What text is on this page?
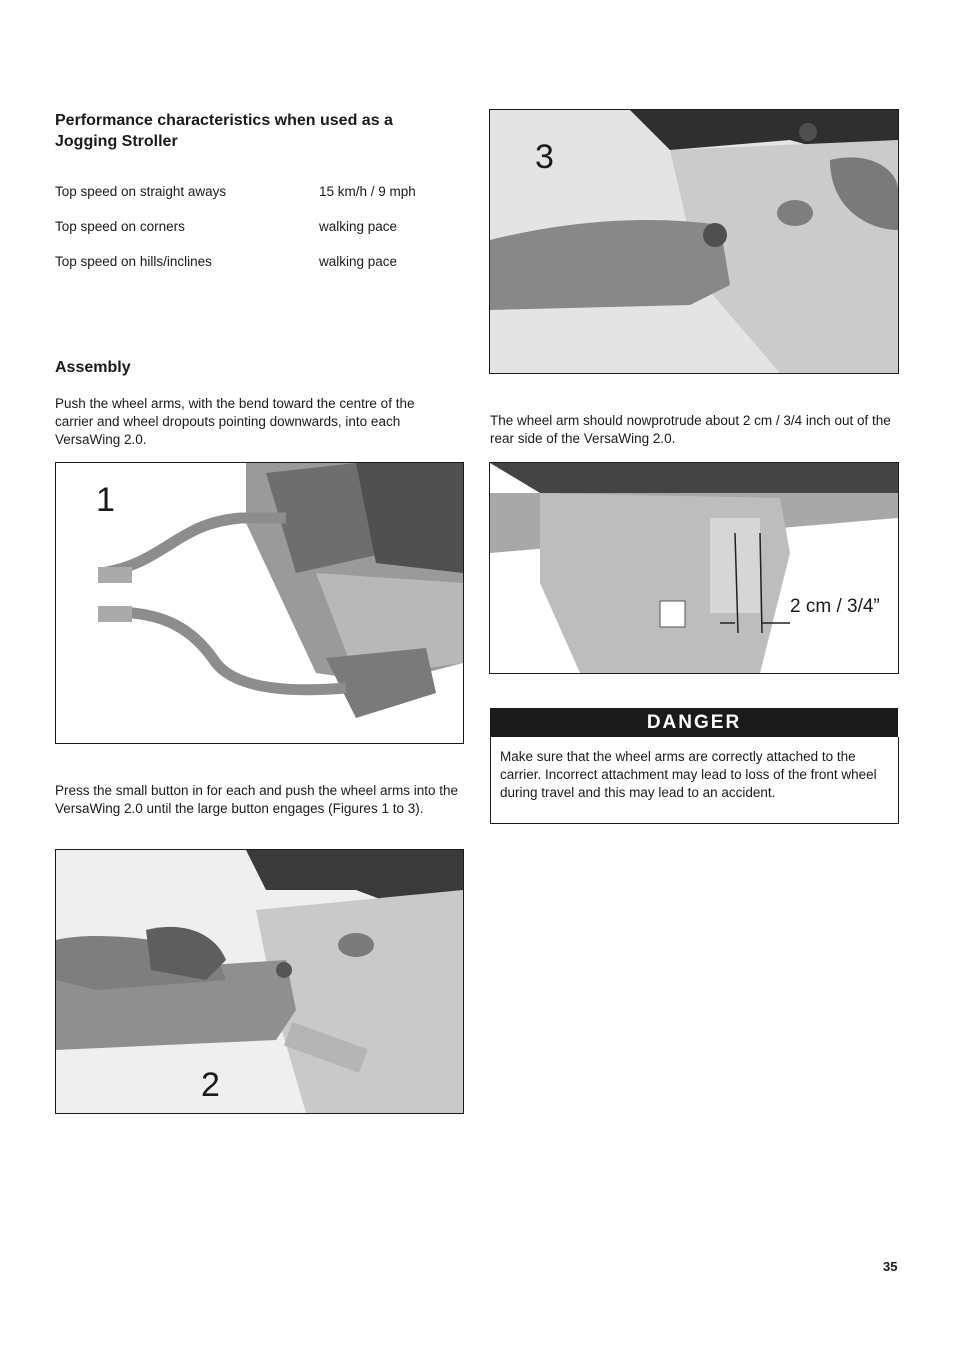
Performance characteristics when used as a Jogging Stroller
Top speed on straight aways	15 km/h / 9 mph
Top speed on corners	walking pace
Top speed on hills/inclines	walking pace
Assembly
Push the wheel arms, with the bend toward the centre of the carrier and wheel dropouts pointing downwards, into each VersaWing 2.0.
1
Press the small button in for each and push the wheel arms into the VersaWing 2.0 until the large button engages (Figures 1 to 3).
2
3
The wheel arm should nowprotrude about 2 cm / 3/4 inch out of the rear side of the VersaWing 2.0.
2 cm / 3/4”
DANGER
Make sure that the wheel arms are correctly attached to the carrier. Incorrect attachment may lead to loss of the front wheel during travel and this may lead to an accident.
35
